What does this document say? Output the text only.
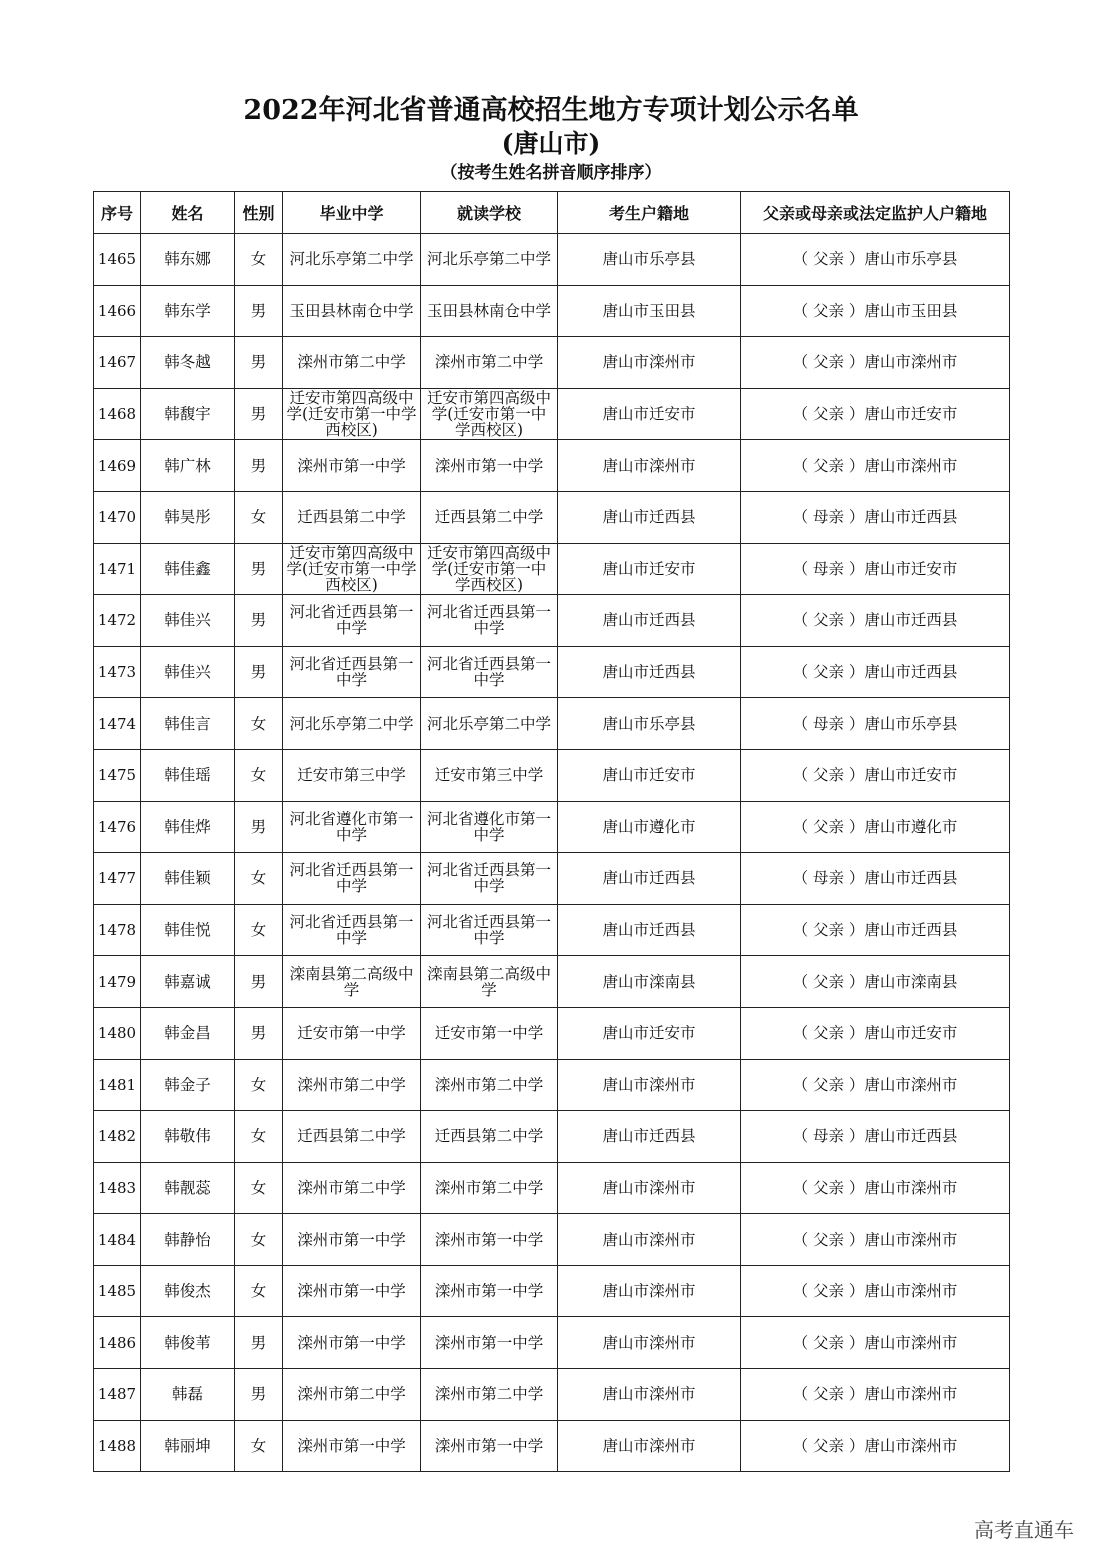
2022年河北省普通高校招生地方专项计划公示名单
(唐山市)
（按考生姓名拼音顺序排序）
序号	姓名	性别	毕业中学	就读学校	考生户籍地	父亲或母亲或法定监护人户籍地
1465	韩东娜	女	河北乐亭第二中学	河北乐亭第二中学	唐山市乐亭县	（ 父亲 ）唐山市乐亭县
1466	韩东学	男	玉田县林南仓中学	玉田县林南仓中学	唐山市玉田县	（ 父亲 ）唐山市玉田县
1467	韩冬越	男	滦州市第二中学	滦州市第二中学	唐山市滦州市	（ 父亲 ）唐山市滦州市
1468	韩馥宇	男	迁安市第四高级中学(迁安市第一中学西校区)	迁安市第四高级中学(迁安市第一中学西校区)	唐山市迁安市	（ 父亲 ）唐山市迁安市
1469	韩广林	男	滦州市第一中学	滦州市第一中学	唐山市滦州市	（ 父亲 ）唐山市滦州市
1470	韩昊彤	女	迁西县第二中学	迁西县第二中学	唐山市迁西县	（ 母亲 ）唐山市迁西县
1471	韩佳鑫	男	迁安市第四高级中学(迁安市第一中学西校区)	迁安市第四高级中学(迁安市第一中学西校区)	唐山市迁安市	（ 母亲 ）唐山市迁安市
1472	韩佳兴	男	河北省迁西县第一中学	河北省迁西县第一中学	唐山市迁西县	（ 父亲 ）唐山市迁西县
1473	韩佳兴	男	河北省迁西县第一中学	河北省迁西县第一中学	唐山市迁西县	（ 父亲 ）唐山市迁西县
1474	韩佳言	女	河北乐亭第二中学	河北乐亭第二中学	唐山市乐亭县	（ 母亲 ）唐山市乐亭县
1475	韩佳瑶	女	迁安市第三中学	迁安市第三中学	唐山市迁安市	（ 父亲 ）唐山市迁安市
1476	韩佳烨	男	河北省遵化市第一中学	河北省遵化市第一中学	唐山市遵化市	（ 父亲 ）唐山市遵化市
1477	韩佳颖	女	河北省迁西县第一中学	河北省迁西县第一中学	唐山市迁西县	（ 母亲 ）唐山市迁西县
1478	韩佳悦	女	河北省迁西县第一中学	河北省迁西县第一中学	唐山市迁西县	（ 父亲 ）唐山市迁西县
1479	韩嘉诚	男	滦南县第二高级中学	滦南县第二高级中学	唐山市滦南县	（ 父亲 ）唐山市滦南县
1480	韩金昌	男	迁安市第一中学	迁安市第一中学	唐山市迁安市	（ 父亲 ）唐山市迁安市
1481	韩金子	女	滦州市第二中学	滦州市第二中学	唐山市滦州市	（ 父亲 ）唐山市滦州市
1482	韩敬伟	女	迁西县第二中学	迁西县第二中学	唐山市迁西县	（ 母亲 ）唐山市迁西县
1483	韩靓蕊	女	滦州市第二中学	滦州市第二中学	唐山市滦州市	（ 父亲 ）唐山市滦州市
1484	韩静怡	女	滦州市第一中学	滦州市第一中学	唐山市滦州市	（ 父亲 ）唐山市滦州市
1485	韩俊杰	女	滦州市第一中学	滦州市第一中学	唐山市滦州市	（ 父亲 ）唐山市滦州市
1486	韩俊苇	男	滦州市第一中学	滦州市第一中学	唐山市滦州市	（ 父亲 ）唐山市滦州市
1487	韩磊	男	滦州市第二中学	滦州市第二中学	唐山市滦州市	（ 父亲 ）唐山市滦州市
1488	韩丽坤	女	滦州市第一中学	滦州市第一中学	唐山市滦州市	（ 父亲 ）唐山市滦州市
高考直通车
